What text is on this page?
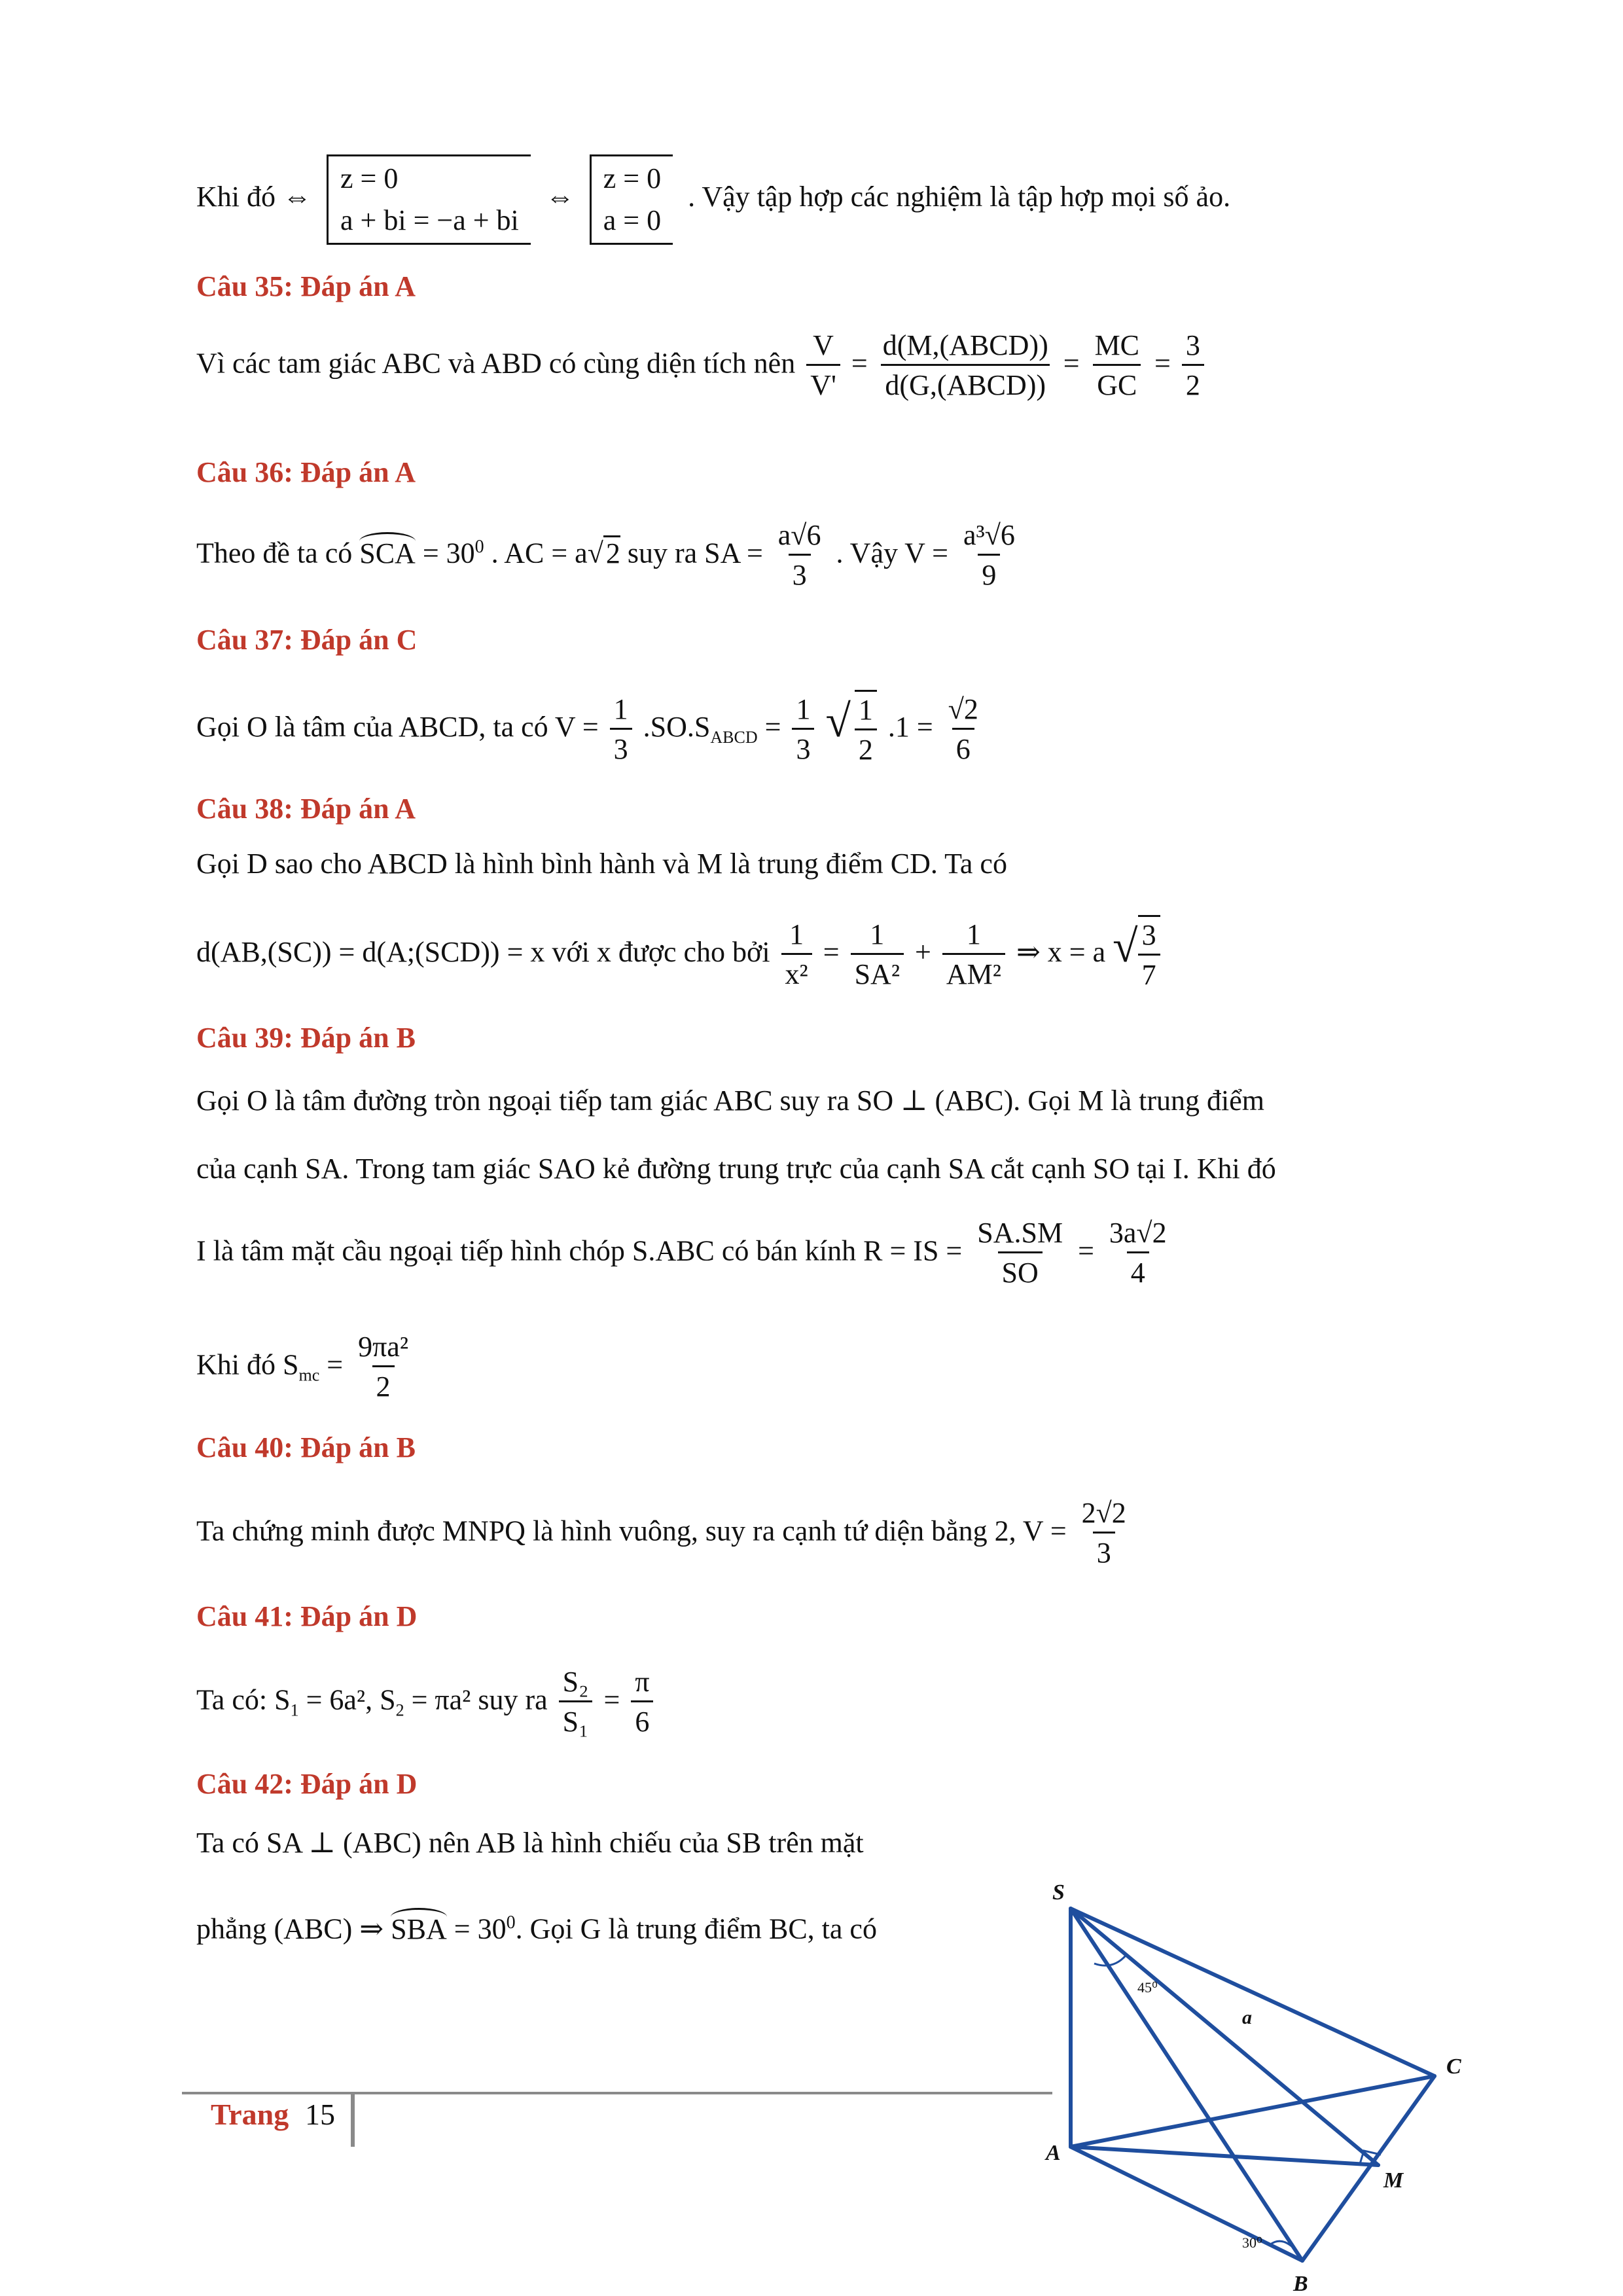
Khi đó ⇔
z = 0
a + bi = −a + bi
⇔
z = 0
a = 0
. Vậy tập hợp các nghiệm là tập hợp mọi số ảo.
Câu 35: Đáp án A
Vì các tam giác ABC và ABD có cùng diện tích nên $\frac{V}{V'}$ =
d(M,(ABCD))
d(G,(ABCD))
= $\frac{MC}{GC} = \frac{3}{2}$
Câu 36: Đáp án A
Theo đề ta có SCA = $30^0$ . AC = a√2 suy ra SA = $\frac{a√6}{3}$ . Vậy $V = \frac{\text{a³√6}}{9}$
Câu 37: Đáp án C
Gọi O là tâm của ABCD, ta có $V = \frac{1}{3} .SO.S_{ABCD} = \frac{1}{3}$ √ $\frac{1}{2} .1 = \frac{√2}{6}$
Câu 38: Đáp án A
Gọi D sao cho ABCD là hình bình hành và M là trung điểm CD. Ta có
d(AB,(SC)) = d(A;(SCD)) = x với x được cho bởi $\frac{1}{\text{x²}} = \frac{1}{\text{SA²}} + \frac{1}{\text{AM²}}$ ⇒ x = a √ $\frac{3}{7}$
Câu 39: Đáp án B
Gọi O là tâm đường tròn ngoại tiếp tam giác ABC suy ra SO ⊥ (ABC). Gọi M là trung điểm
của cạnh SA. Trong tam giác SAO kẻ đường trung trực của cạnh SA cắt cạnh SO tại I. Khi đó
I là tâm mặt cầu ngoại tiếp hình chóp S.ABC có bán kính R = IS = $\frac{SA.SM}{SO} = \frac{3a√2}{4}$
Khi đó $S_{mc} = \frac{\text{9πa²}}{2}$
Câu 40: Đáp án B
Ta chứng minh được MNPQ là hình vuông, suy ra cạnh tứ diện bằng 2, $V = \frac{2√2}{3}$
Câu 41: Đáp án D
Ta có: $S_1 = 6a^2$, $S_2 = \pi a^2$ suy ra $\frac{\text{S₂}}{\text{S₁}} = \frac{\pi}{6}$
Câu 42: Đáp án D
Ta có SA ⊥ (ABC) nên AB là hình chiếu của SB trên mặt
phẳng (ABC) ⇒ SBA = $30^0$. Gọi G là trung điểm BC, ta có
S
A
B
C
M
a
45⁰
30⁰
Trang 15
